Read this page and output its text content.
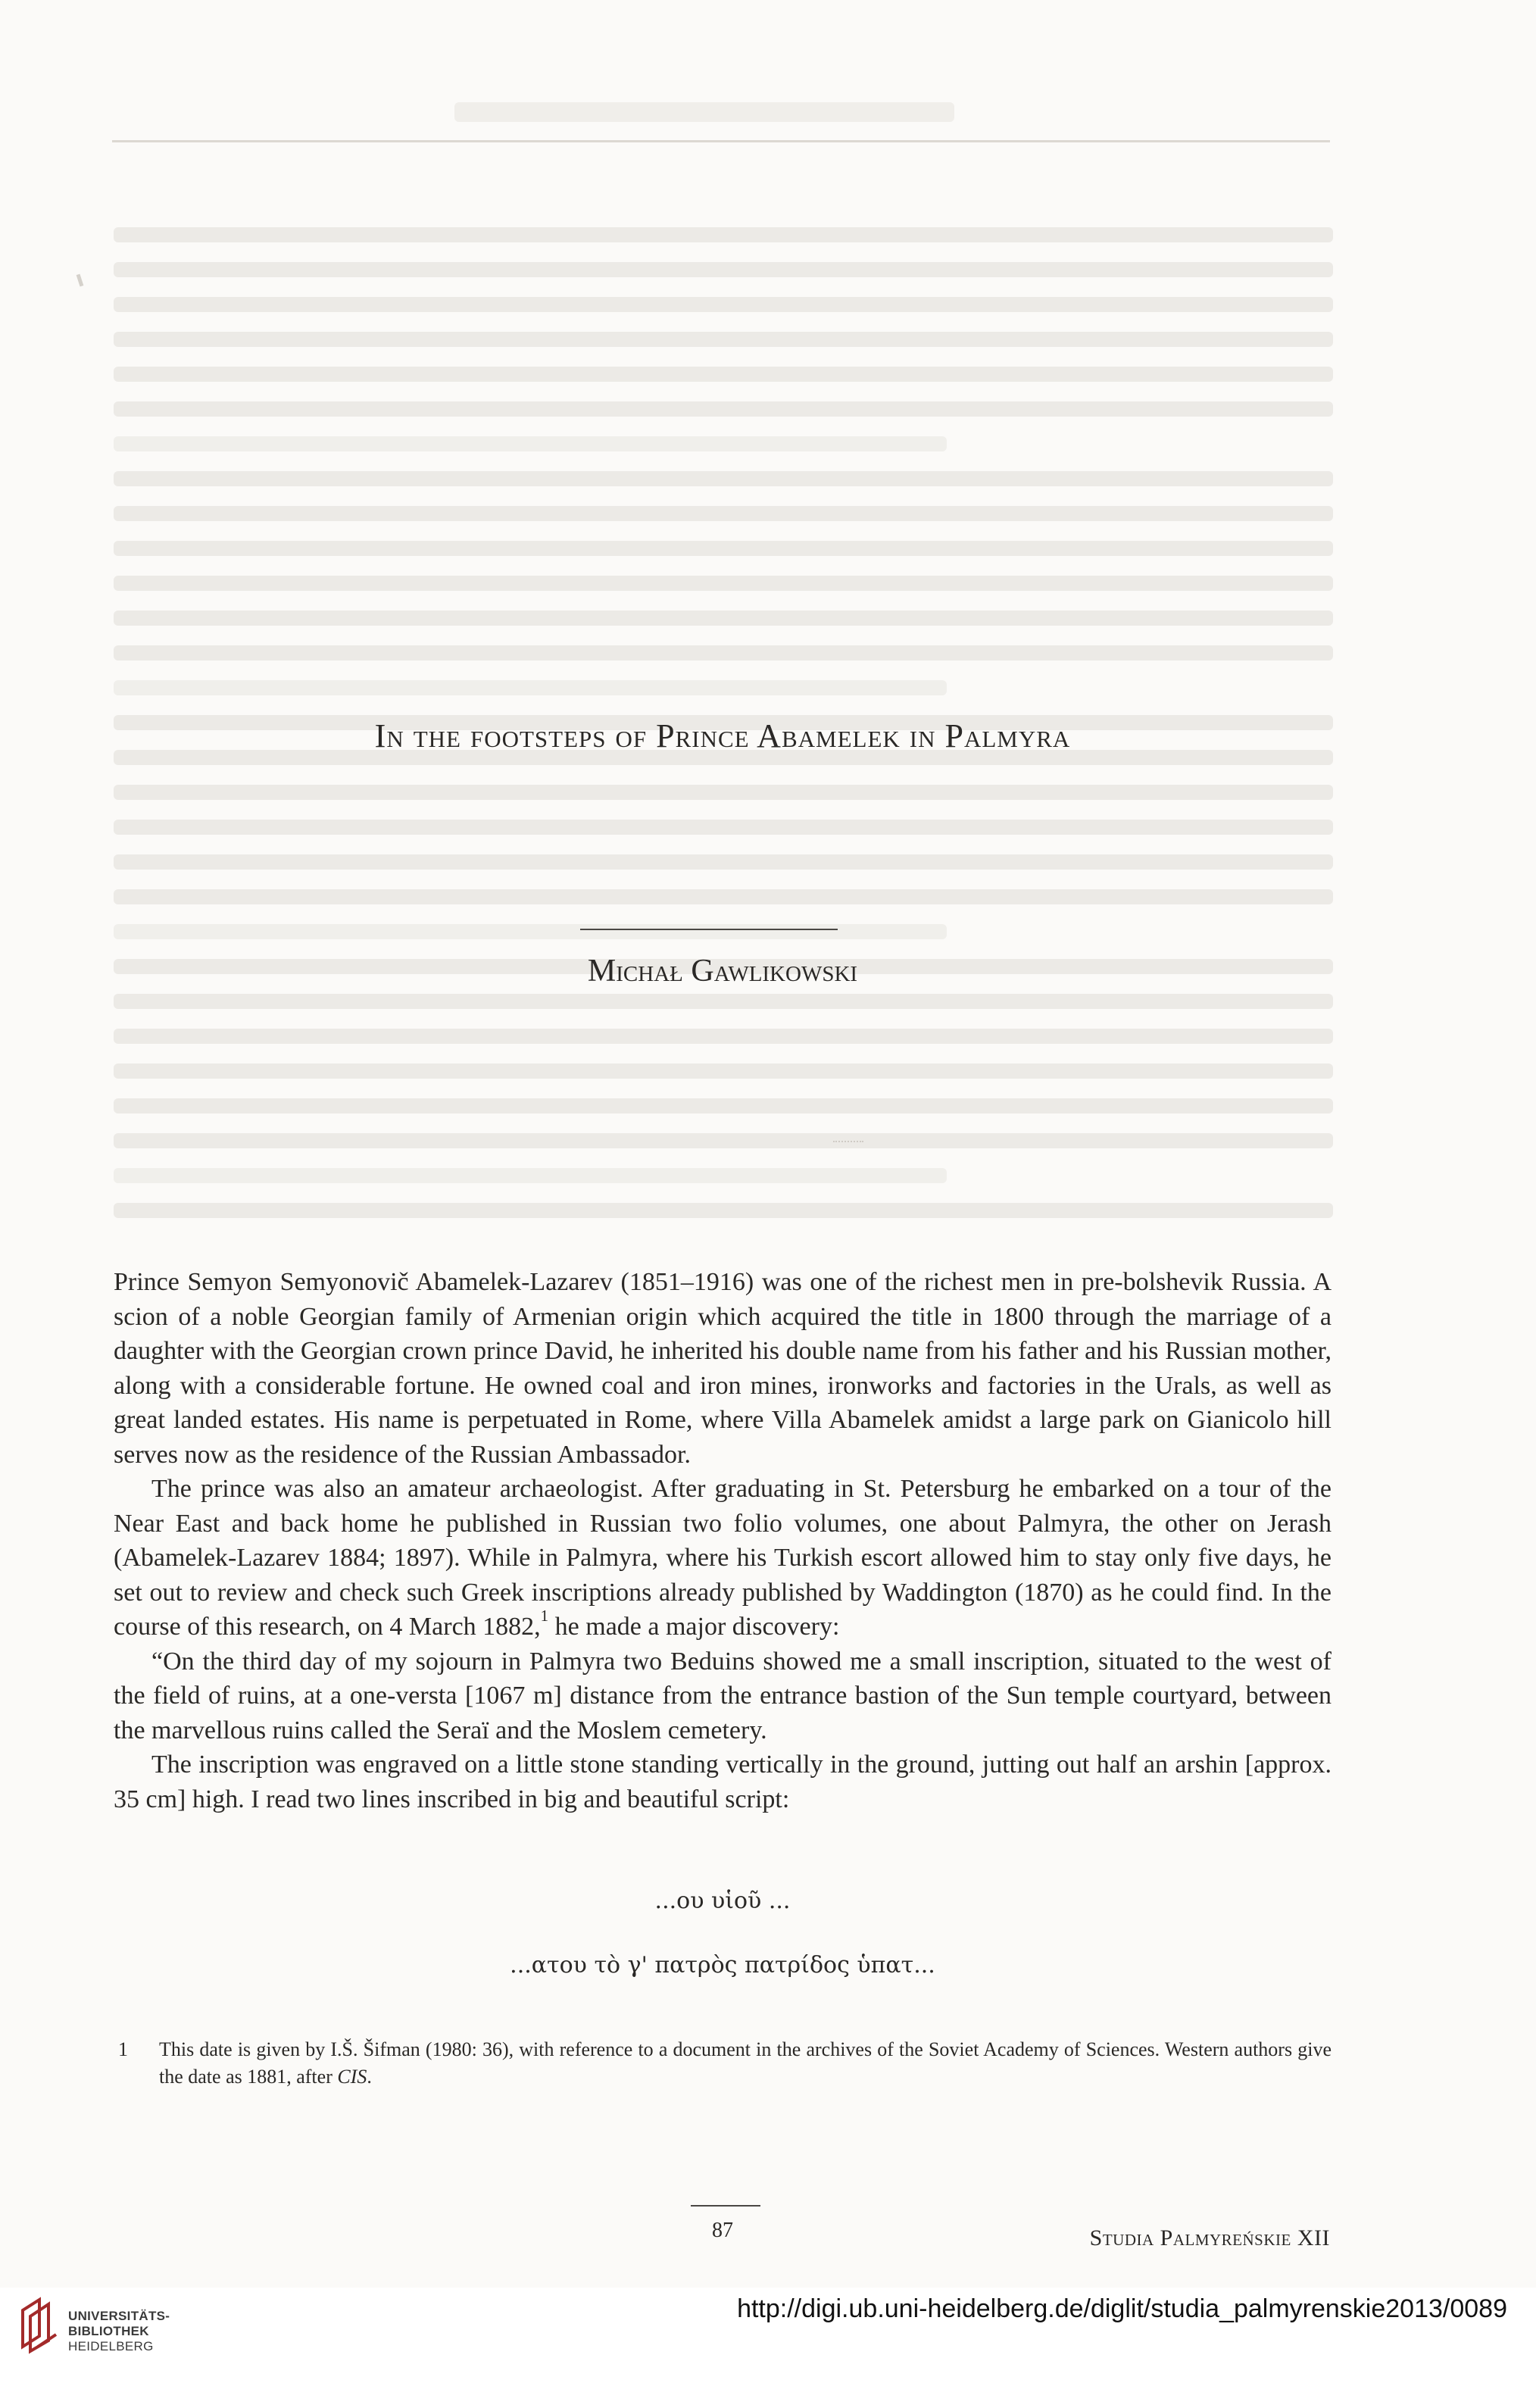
In the footsteps of Prince Abamelek in Palmyra
Michał Gawlikowski

Prince Semyon Semyonovič Abamelek-Lazarev (1851–1916) was one of the richest men in pre-bolshevik Russia. A scion of a noble Georgian family of Armenian origin which acquired the title in 1800 through the marriage of a daughter with the Georgian crown prince David, he inherited his double name from his father and his Russian mother, along with a considerable fortune. He owned coal and iron mines, ironworks and factories in the Urals, as well as great landed estates. His name is perpetuated in Rome, where Villa Abamelek amidst a large park on Gianicolo hill serves now as the residence of the Russian Ambassador.

The prince was also an amateur archaeologist. After graduating in St. Petersburg he embarked on a tour of the Near East and back home he published in Russian two folio volumes, one about Palmyra, the other on Jerash (Abamelek-Lazarev 1884; 1897). While in Palmyra, where his Turkish escort allowed him to stay only five days, he set out to review and check such Greek inscriptions already published by Waddington (1870) as he could find. In the course of this research, on 4 March 1882,$^1$ he made a major discovery:

“On the third day of my sojourn in Palmyra two Beduins showed me a small inscription, situated to the west of the field of ruins, at a one-versta [1067 m] distance from the entrance bastion of the Sun temple courtyard, between the marvellous ruins called the Seraï and the Moslem cemetery.

The inscription was engraved on a little stone standing vertically in the ground, jutting out half an arshin [approx. 35 cm] high. I read two lines inscribed in big and beautiful script:

...ου υἱοῦ ...
...ατου τὸ γ' πατρὸς πατρίδος ὑπατ...
1 This date is given by I.Š. Šifman (1980: 36), with reference to a document in the archives of the Soviet Academy of Sciences. Western authors give the date as 1881, after CIS.
87	Studia Palmyreńskie XII
UNIVERSITÄTS-
BIBLIOTHEK
HEIDELBERG
http://digi.ub.uni-heidelberg.de/diglit/studia_palmyrenskie2013/0089
